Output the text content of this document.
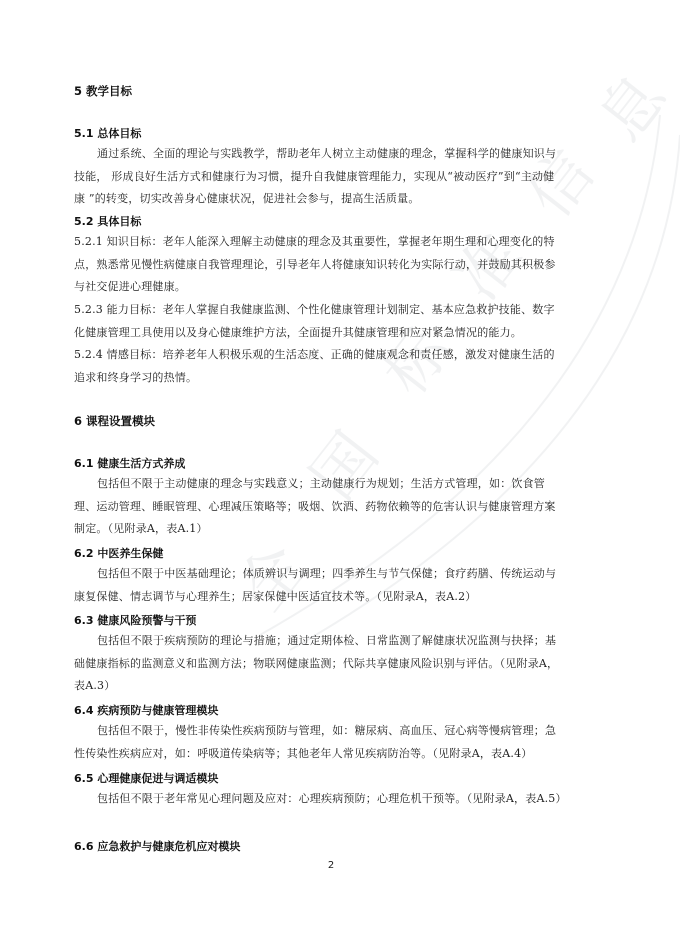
全
国
标
准
信
息
5 教学目标
5.1 总体目标
通过系统、全面的理论与实践教学，帮助老年人树立主动健康的理念，掌握科学的健康知识与技能， 形成良好生活方式和健康行为习惯，提升自我健康管理能力，实现从“被动医疗”到“主动健康 ”的转变，切实改善身心健康状况，促进社会参与，提高生活质量。
5.2 具体目标
5.2.1 知识目标：老年人能深入理解主动健康的理念及其重要性，掌握老年期生理和心理变化的特点，熟悉常见慢性病健康自我管理理论，引导老年人将健康知识转化为实际行动，并鼓励其积极参与社交促进心理健康。
5.2.3 能力目标：老年人掌握自我健康监测、个性化健康管理计划制定、基本应急救护技能、数字化健康管理工具使用以及身心健康维护方法，全面提升其健康管理和应对紧急情况的能力。
5.2.4 情感目标：培养老年人积极乐观的生活态度、正确的健康观念和责任感，激发对健康生活的追求和终身学习的热情。
6 课程设置模块
6.1 健康生活方式养成
包括但不限于主动健康的理念与实践意义；主动健康行为规划；生活方式管理，如：饮食管理、运动管理、睡眠管理、心理减压策略等；吸烟、饮酒、药物依赖等的危害认识与健康管理方案制定。（见附录A，表A.1）
6.2 中医养生保健
包括但不限于中医基础理论；体质辨识与调理；四季养生与节气保健；食疗药膳、传统运动与康复保健、情志调节与心理养生；居家保健中医适宜技术等。（见附录A，表A.2）
6.3 健康风险预警与干预
包括但不限于疾病预防的理论与措施；通过定期体检、日常监测了解健康状况监测与抉择；基础健康指标的监测意义和监测方法；物联网健康监测；代际共享健康风险识别与评估。（见附录A，表A.3）
6.4 疾病预防与健康管理模块
包括但不限于，慢性非传染性疾病预防与管理，如：糖尿病、高血压、冠心病等慢病管理；急性传染性疾病应对，如：呼吸道传染病等；其他老年人常见疾病防治等。（见附录A，表A.4）
6.5 心理健康促进与调适模块
包括但不限于老年常见心理问题及应对：心理疾病预防；心理危机干预等。（见附录A，表A.5）
6.6 应急救护与健康危机应对模块
2
